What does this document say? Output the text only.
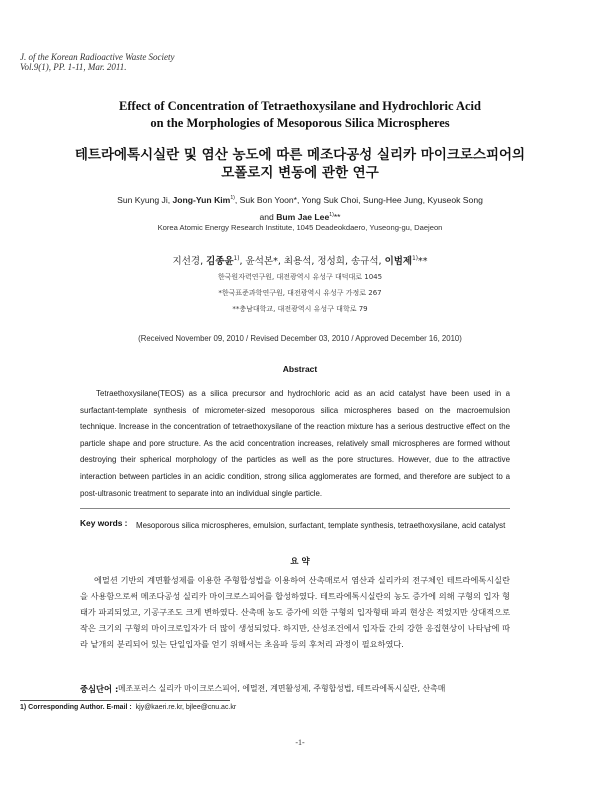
J. of the Korean Radioactive Waste Society
Vol.9(1), PP. 1-11, Mar. 2011.
Effect of Concentration of Tetraethoxysilane and Hydrochloric Acid
on the Morphologies of Mesoporous Silica Microspheres
테트라에톡시실란 및 염산 농도에 따른 메조다공성 실리카 마이크로스피어의
모폴로지 변동에 관한 연구
Sun Kyung Ji, Jong-Yun Kim$^{1)}$, Suk Bon Yoon*, Yong Suk Choi, Sung-Hee Jung, Kyuseok Song
and Bum Jae Lee$^{1)}$**
Korea Atomic Energy Research Institute, 1045 Deadeokdaero, Yuseong-gu, Daejeon
지선경, 김종윤$^{1)}$, 윤석본*, 최용석, 정성희, 송규석, 이범제$^{1)}$**
한국원자력연구원, 대전광역시 유성구 대덕대로 1045
*한국표준과학연구원, 대전광역시 유성구 가정로 267
**충남대학교, 대전광역시 유성구 대학로 79
(Received November 09, 2010 / Revised December 03, 2010 / Approved December 16, 2010)
Abstract
Tetraethoxysilane(TEOS) as a silica precursor and hydrochloric acid as an acid catalyst have been used in a surfactant-template synthesis of micrometer-sized mesoporous silica microspheres based on the macroemulsion technique. Increase in the concentration of tetraethoxysilane of the reaction mixture has a serious destructive effect on the particle shape and pore structure. As the acid concentration increases, relatively small microspheres are formed without destroying their spherical morphology of the particles as well as the pore structures. However, due to the attractive interaction between particles in an acidic condition, strong silica agglomerates are formed, and therefore are subject to a post-ultrasonic treatment to separate into an individual single particle.
Key words : Mesoporous silica microspheres, emulsion, surfactant, template synthesis, tetraethoxysilane, acid catalyst
요 약
에멀션 기반의 계면활성제를 이용한 주형합성법을 이용하여 산촉매로서 염산과 실리카의 전구체인 테트라에톡시실란을 사용함으로써 메조다공성 실리카 마이크로스피어를 합성하였다. 테트라에톡시실란의 농도 증가에 의해 구형의 입자 형태가 파괴되었고, 기공구조도 크게 변하였다. 산촉매 농도 증가에 의한 구형의 입자형태 파괴 현상은 적었지만 상대적으로 작은 크기의 구형의 마이크로입자가 더 많이 생성되었다. 하지만, 산성조건에서 입자들 간의 강한 응집현상이 나타남에 따라 낱개의 분리되어 있는 단일입자를 얻기 위해서는 초음파 등의 후처리 과정이 필요하였다.
중심단어 : 메조포러스 실리카 마이크로스피어, 에멀젼, 계면활성제, 주형합성법, 테트라에톡시실란, 산촉매
1) Corresponding Author. E-mail : kjy@kaeri.re.kr, bjlee@cnu.ac.kr
-1-
